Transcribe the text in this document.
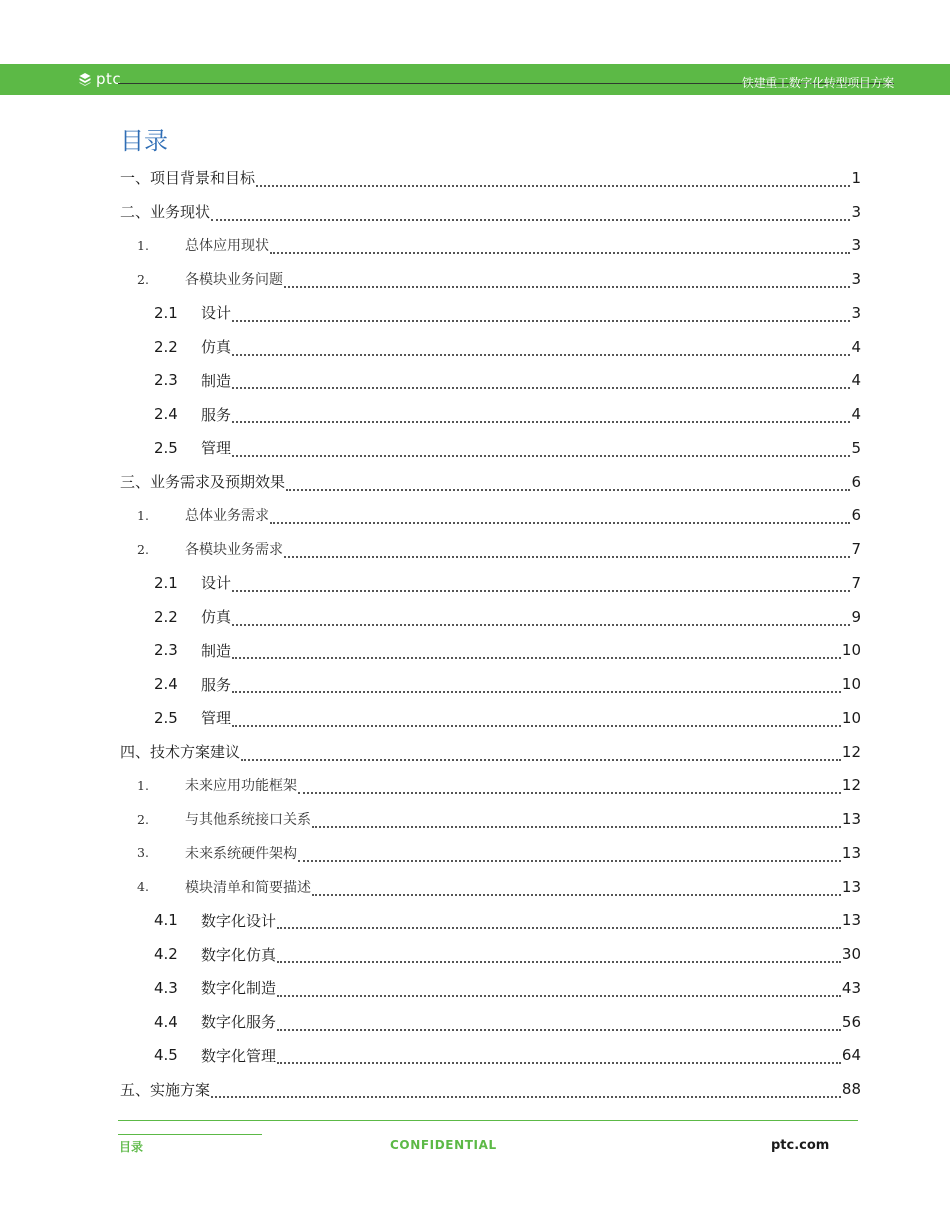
ptc	铁建重工数字化转型项目方案
目录
一、 项目背景和目标	1
二、 业务现状	3
1.	总体应用现状	3
2.	各模块业务问题	3
2.1	设计	3
2.2	仿真	4
2.3	制造	4
2.4	服务	4
2.5	管理	5
三、 业务需求及预期效果	6
1.	总体业务需求	6
2.	各模块业务需求	7
2.1	设计	7
2.2	仿真	9
2.3	制造	10
2.4	服务	10
2.5	管理	10
四、 技术方案建议	12
1.	未来应用功能框架	12
2.	与其他系统接口关系	13
3.	未来系统硬件架构	13
4.	模块清单和简要描述	13
4.1	数字化设计	13
4.2	数字化仿真	30
4.3	数字化制造	43
4.4	数字化服务	56
4.5	数字化管理	64
五、 实施方案	88
目录	CONFIDENTIAL	ptc.com
